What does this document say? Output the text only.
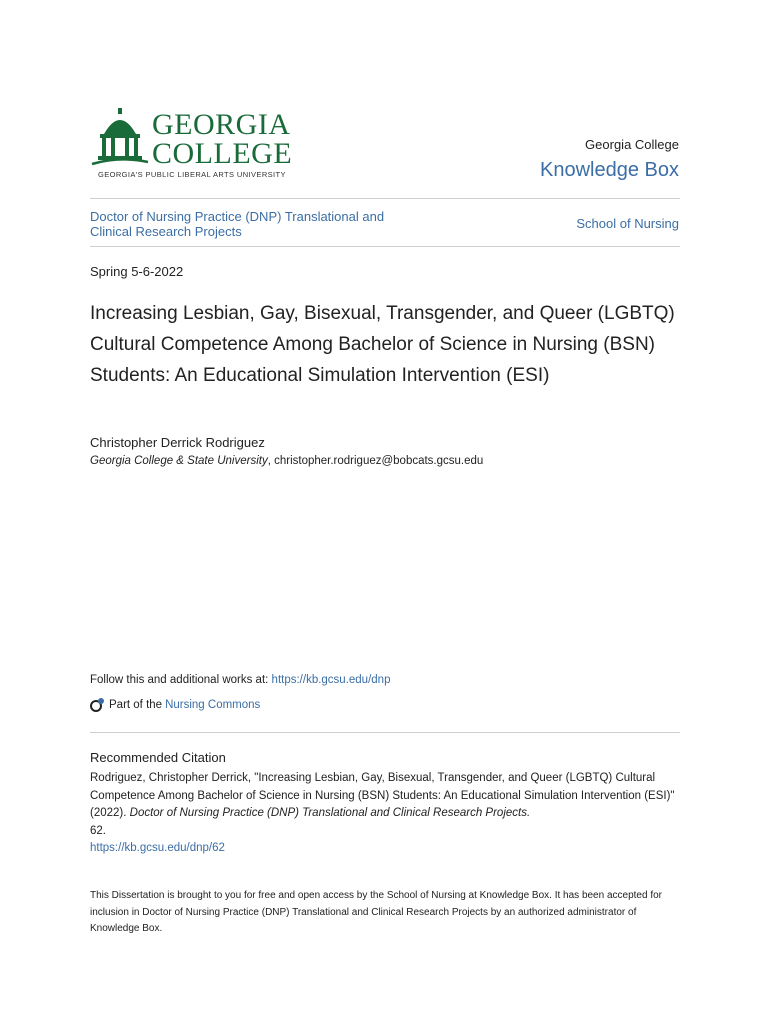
GEORGIA
COLLEGE
GEORGIA'S PUBLIC LIBERAL ARTS UNIVERSITY
Georgia College
Knowledge Box
Doctor of Nursing Practice (DNP) Translational and Clinical Research Projects
School of Nursing
Spring 5-6-2022
Increasing Lesbian, Gay, Bisexual, Transgender, and Queer (LGBTQ) Cultural Competence Among Bachelor of Science in Nursing (BSN) Students: An Educational Simulation Intervention (ESI)
Christopher Derrick Rodriguez
Georgia College & State University, christopher.rodriguez@bobcats.gcsu.edu
Follow this and additional works at: https://kb.gcsu.edu/dnp
Part of the Nursing Commons
Recommended Citation
Rodriguez, Christopher Derrick, "Increasing Lesbian, Gay, Bisexual, Transgender, and Queer (LGBTQ) Cultural Competence Among Bachelor of Science in Nursing (BSN) Students: An Educational Simulation Intervention (ESI)" (2022). Doctor of Nursing Practice (DNP) Translational and Clinical Research Projects.
62.
https://kb.gcsu.edu/dnp/62
This Dissertation is brought to you for free and open access by the School of Nursing at Knowledge Box. It has been accepted for inclusion in Doctor of Nursing Practice (DNP) Translational and Clinical Research Projects by an authorized administrator of Knowledge Box.
